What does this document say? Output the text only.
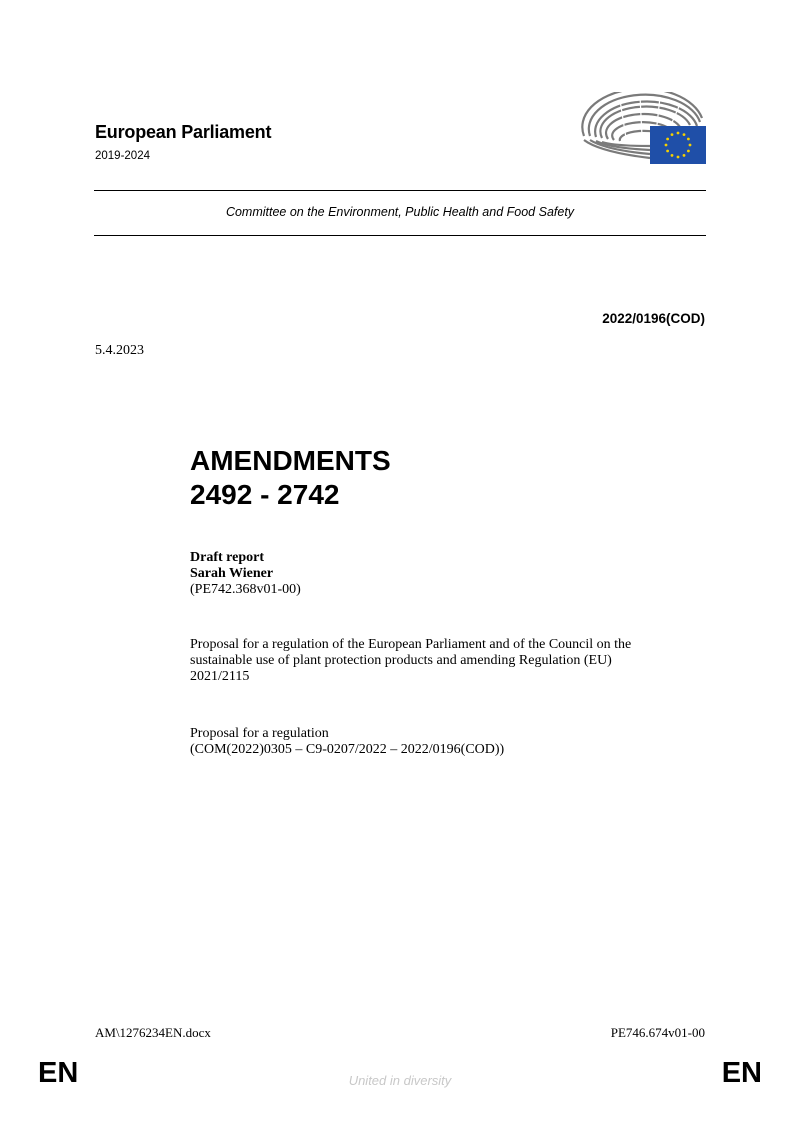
European Parliament
2019-2024
Committee on the Environment, Public Health and Food Safety
2022/0196(COD)
5.4.2023
AMENDMENTS
2492 - 2742
Draft report
Sarah Wiener
(PE742.368v01-00)
Proposal for a regulation of the European Parliament and of the Council on the
sustainable use of plant protection products and amending Regulation (EU)
2021/2115
Proposal for a regulation
(COM(2022)0305 – C9-0207/2022 – 2022/0196(COD))
AM\1276234EN.docx	PE746.674v01-00
EN	United in diversity	EN
